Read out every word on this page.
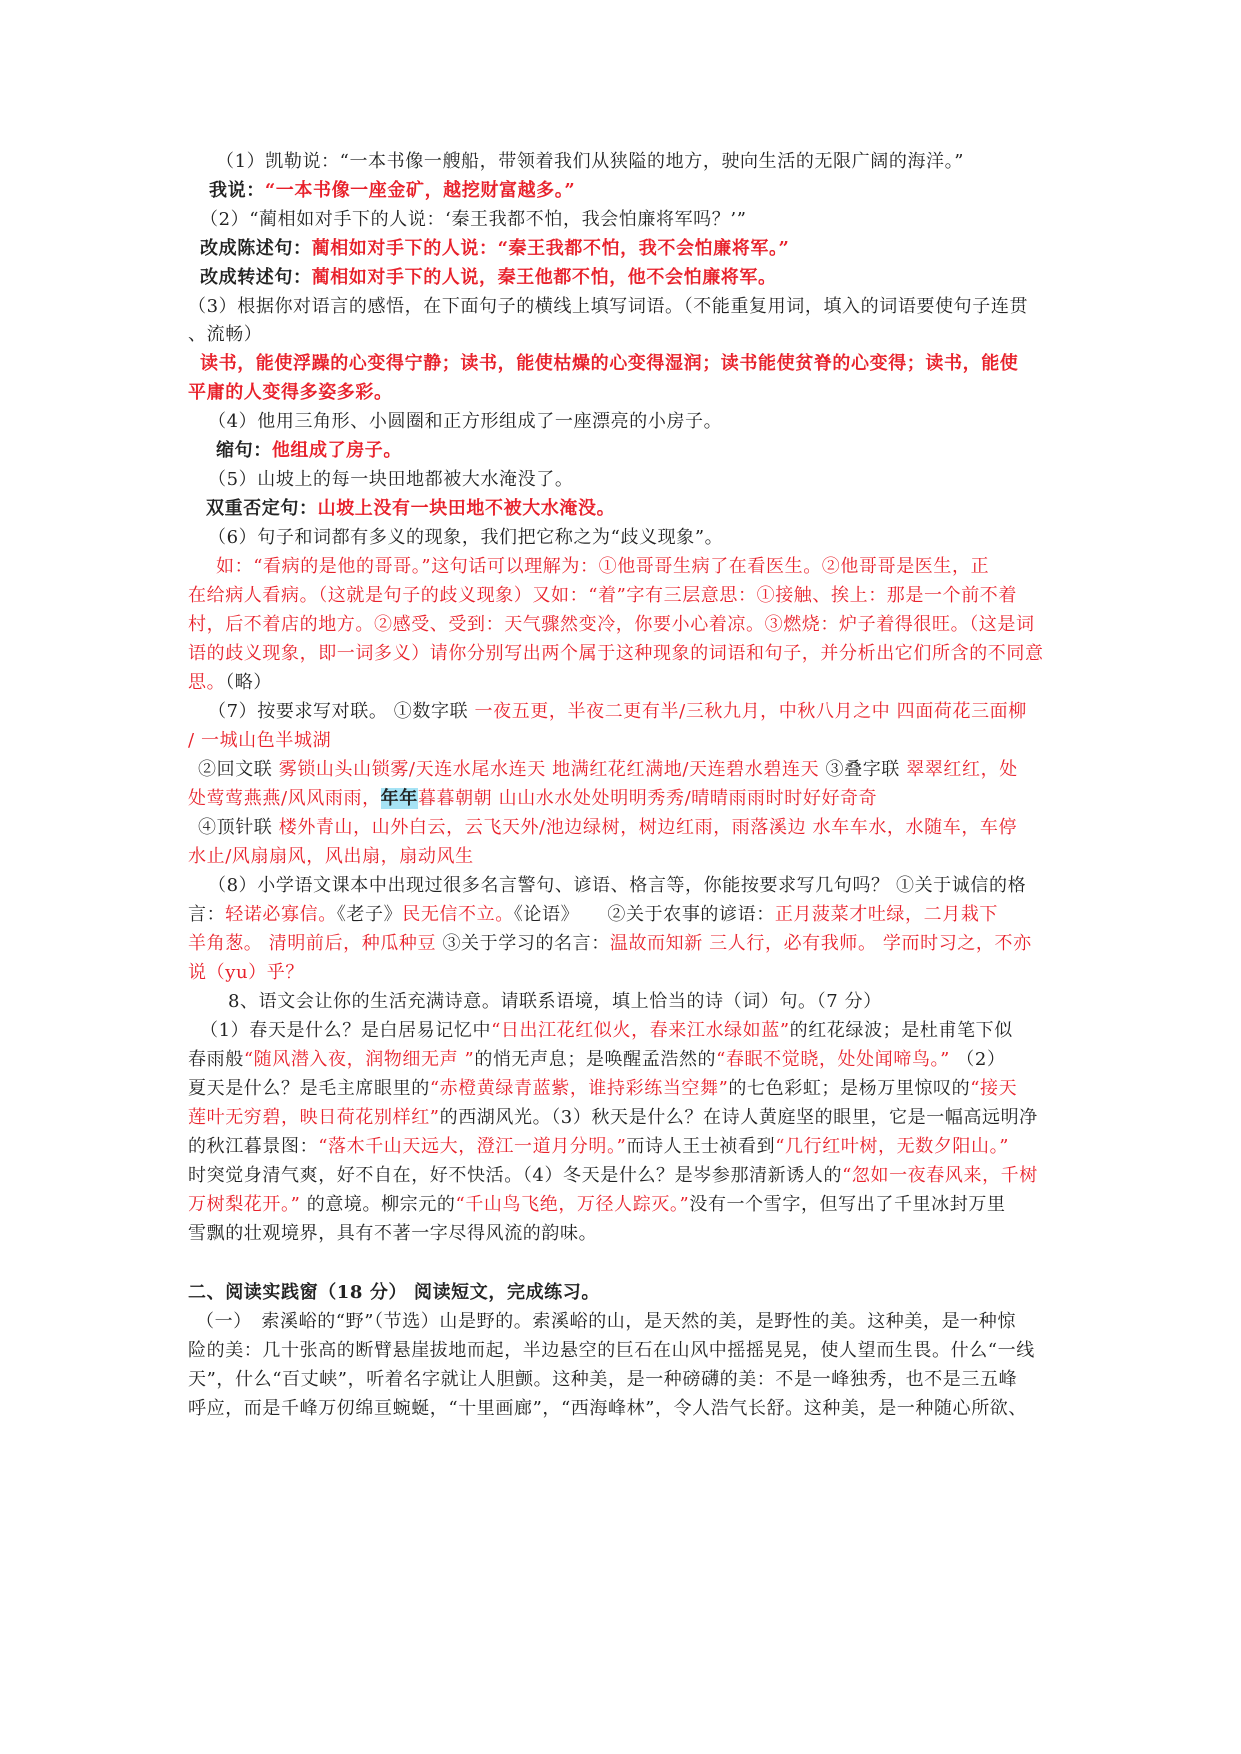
（1）凯勒说：“一本书像一艘船，带领着我们从狭隘的地方，驶向生活的无限广阔的海洋。”
我说：“一本书像一座金矿，越挖财富越多。”
（2）“蔺相如对手下的人说：‘秦王我都不怕，我会怕廉将军吗？’”
改成陈述句：蔺相如对手下的人说：“秦王我都不怕，我不会怕廉将军。”
改成转述句：蔺相如对手下的人说，秦王他都不怕，他不会怕廉将军。
（3）根据你对语言的感悟，在下面句子的横线上填写词语。（不能重复用词，填入的词语要使句子连贯
、流畅）
读书，能使浮躁的心变得宁静；读书，能使枯燥的心变得湿润；读书能使贫脊的心变得；读书，能使
平庸的人变得多姿多彩。
（4）他用三角形、小圆圈和正方形组成了一座漂亮的小房子。
缩句：他组成了房子。
（5）山坡上的每一块田地都被大水淹没了。
双重否定句：山坡上没有一块田地不被大水淹没。
（6）句子和词都有多义的现象，我们把它称之为“歧义现象”。
如：“看病的是他的哥哥。”这句话可以理解为：①他哥哥生病了在看医生。②他哥哥是医生，正
在给病人看病。（这就是句子的歧义现象）又如：“着”字有三层意思：①接触、挨上：那是一个前不着
村，后不着店的地方。②感受、受到：天气骤然变冷，你要小心着凉。③燃烧：炉子着得很旺。（这是词
语的歧义现象，即一词多义）请你分别写出两个属于这种现象的词语和句子，并分析出它们所含的不同意
思。（略）
（7）按要求写对联。 ①数字联 一夜五更，半夜二更有半/三秋九月，中秋八月之中 四面荷花三面柳
/ 一城山色半城湖
②回文联 雾锁山头山锁雾/天连水尾水连天 地满红花红满地/天连碧水碧连天 ③叠字联 翠翠红红，处
处莺莺燕燕/风风雨雨，年年暮暮朝朝 山山水水处处明明秀秀/晴晴雨雨时时好好奇奇
④顶针联 楼外青山，山外白云，云飞天外/池边绿树，树边红雨，雨落溪边 水车车水，水随车，车停
水止/风扇扇风，风出扇，扇动风生
（8）小学语文课本中出现过很多名言警句、谚语、格言等，你能按要求写几句吗？ ①关于诚信的格
言：轻诺必寡信。《老子》民无信不立。《论语》　　②关于农事的谚语：正月菠菜才吐绿，二月栽下
羊角葱。 清明前后，种瓜种豆 ③关于学习的名言：温故而知新 三人行，必有我师。 学而时习之，不亦
说（yu）乎？
8、语文会让你的生活充满诗意。请联系语境，填上恰当的诗（词）句。（7 分）
（1）春天是什么？是白居易记忆中“日出江花红似火，春来江水绿如蓝”的红花绿波；是杜甫笔下似
春雨般“随风潜入夜，润物细无声 ”的悄无声息；是唤醒孟浩然的“春眠不觉晓，处处闻啼鸟。” （2）
夏天是什么？是毛主席眼里的“赤橙黄绿青蓝紫，谁持彩练当空舞”的七色彩虹；是杨万里惊叹的“接天
莲叶无穷碧，映日荷花别样红”的西湖风光。（3）秋天是什么？在诗人黄庭坚的眼里，它是一幅高远明净
的秋江暮景图：“落木千山天远大，澄江一道月分明。”而诗人王士祯看到“几行红叶树，无数夕阳山。”
时突觉身清气爽，好不自在，好不快活。（4）冬天是什么？是岑参那清新诱人的“忽如一夜春风来，千树
万树梨花开。” 的意境。柳宗元的“千山鸟飞绝，万径人踪灭。”没有一个雪字，但写出了千里冰封万里
雪飘的壮观境界，具有不著一字尽得风流的韵味。
二、阅读实践窗（18 分） 阅读短文，完成练习。
（一）　索溪峪的“野”（节选）山是野的。索溪峪的山，是天然的美，是野性的美。这种美，是一种惊
险的美：几十张高的断臂悬崖拔地而起，半边悬空的巨石在山风中摇摇晃晃，使人望而生畏。什么“一线
天”，什么“百丈峡”，听着名字就让人胆颤。这种美，是一种磅礴的美：不是一峰独秀，也不是三五峰
呼应，而是千峰万仞绵亘蜿蜒，“十里画廊”，“西海峰林”，令人浩气长舒。这种美，是一种随心所欲、
